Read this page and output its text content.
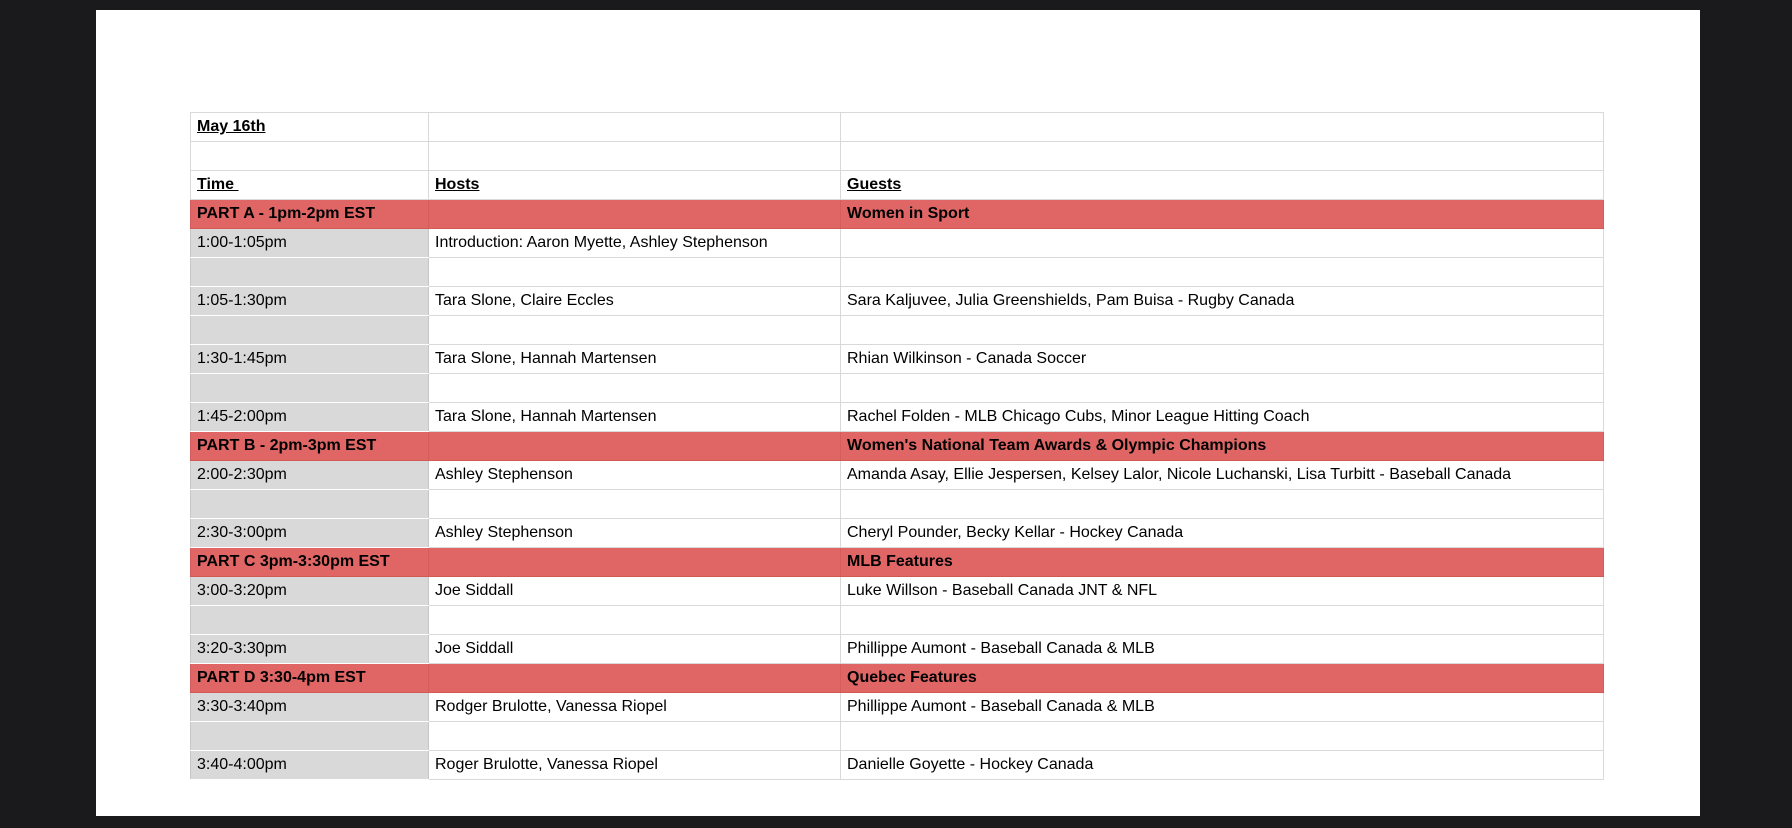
May 16th		

Time	Hosts	Guests
PART A - 1pm-2pm EST		Women in Sport
1:00-1:05pm	Introduction: Aaron Myette, Ashley Stephenson	

1:05-1:30pm	Tara Slone, Claire Eccles	Sara Kaljuvee, Julia Greenshields, Pam Buisa - Rugby Canada

1:30-1:45pm	Tara Slone, Hannah Martensen	Rhian Wilkinson - Canada Soccer

1:45-2:00pm	Tara Slone, Hannah Martensen	Rachel Folden - MLB Chicago Cubs, Minor League Hitting Coach
PART B - 2pm-3pm EST		Women's National Team Awards & Olympic Champions
2:00-2:30pm	Ashley Stephenson	Amanda Asay, Ellie Jespersen, Kelsey Lalor, Nicole Luchanski, Lisa Turbitt - Baseball Canada

2:30-3:00pm	Ashley Stephenson	Cheryl Pounder, Becky Kellar - Hockey Canada
PART C 3pm-3:30pm EST		MLB Features
3:00-3:20pm	Joe Siddall	Luke Willson - Baseball Canada JNT & NFL

3:20-3:30pm	Joe Siddall	Phillippe Aumont - Baseball Canada & MLB
PART D 3:30-4pm EST		Quebec Features
3:30-3:40pm	Rodger Brulotte, Vanessa Riopel	Phillippe Aumont - Baseball Canada & MLB

3:40-4:00pm	Roger Brulotte, Vanessa Riopel	Danielle Goyette - Hockey Canada
